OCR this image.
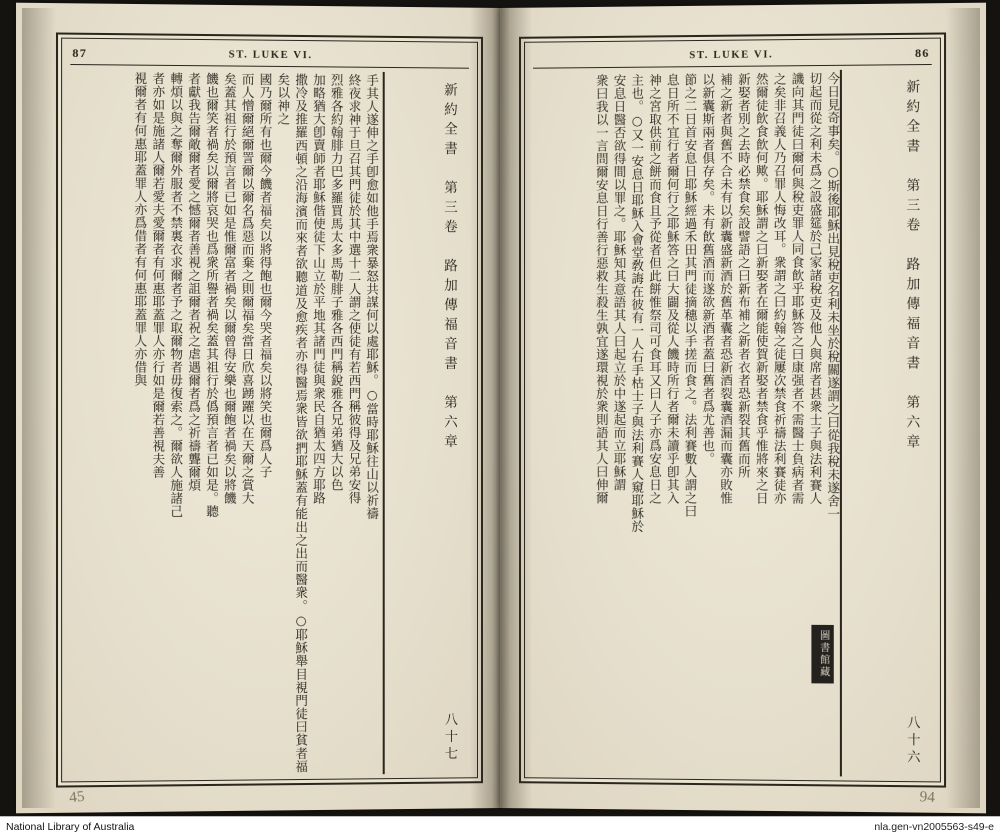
87	ST. LUKE VI.
新約全書　第三卷　路加傳福音書　第六章
八十七
手其人遂伸之手卽愈如他手焉衆暴怒共謀何以處耶穌。○當時耶穌往山以祈禱
終夜求神于旦召其門徒於其中選十二人謂之使徒有若西門稱彼得及兄弟安得
烈雅各約翰腓力巴多羅買馬太多馬勒腓子雅各西門稱銳雅各兄弟猶大以色
加略猶大卽賣師者耶穌偕使徒下山立於平地其諸門徒與衆民自猶太四方耶路
撒冷及推羅西頓之沿海濱而來者欲聽道及愈疾者亦得醫焉衆皆欲捫耶穌蓋有能出之出而醫衆。○耶穌舉目視門徒曰貧者福矣以神之
國乃爾所有也爾今饑者福矣以將得飽也爾今哭者福矣以將笑也爾爲人子
而人憎爾絕爾詈爾以爾名爲惡而棄之則爾福矣當日欣喜踴躍以在天爾之賞大
矣蓋其祖行於預言者已如是惟爾富者禍矣以爾曾得安樂也爾飽者禍矣以將饑
饑也爾笑者禍矣以爾將哀哭也爲衆所譽者禍矣蓋其祖行於僞預言者已如是。聽
者獻我告爾敵爾者愛之憾爾者善視之詛爾者祝之虐遇爾者爲之祈禱聾爾煩
轉煩以與之奪爾外服者不禁裏衣求爾者予之取爾物者毋復索之。爾欲人施諸己
者亦如是施諸人爾若愛夫愛爾者有何惠耶蓋罪人亦行如是爾若善視夫善
視爾者有何惠耶蓋罪人亦爲借者有何惠耶蓋罪人亦借與
45
ST. LUKE VI.	86
新約全書　第三卷　路加傳福音書　第六章
八十六
今日見奇事矣。○斯後耶穌出見稅吏名利未坐於稅關遂謂之曰從我稅未遂舍一
切起而從之利未爲之設盛筵於己家諸稅吏及他人與席者甚衆士子與法利賽人
譏向其門徒曰爾何與稅吏罪人同食飮乎耶穌答之曰康强者不需醫士負病者需
之矣非召義人乃召罪人悔改耳。衆謂之曰約翰之徒屢次禁食祈禱法利賽徒亦
然爾徒飮食飮何歟。耶穌謂之曰新娶者在爾能使賀新娶者禁食乎惟將來之日
新娶者別之去時必禁食矣設譬語之曰新布補之新者衣者恐新裂其舊而所
補之新者與舊不合未有以新囊盛新酒於舊革囊者恐新酒裂囊酒漏而囊亦敗惟
以新囊斯兩者俱存矣。未有飮舊酒而遂欲新酒者蓋曰舊者爲尤善也。
節之二日首安息日耶穌經過禾田其門徒摘穗以手搓而食之。法利賽數人謂之曰
息日所不宜行者爾何行之耶穌答之曰大闢及從人饑時所行者爾未讀乎卽其入
神之宮取供前之餅而食且予從者但此餅惟祭司可食耳又曰人子亦爲安息日之
主也。○又一安息日耶穌入會堂敎誨在彼有一人右手枯士子與法利賽人窺耶穌於
安息日醫否欲得間以罪之。耶穌知其意語其人曰起立於中遂起而立耶穌謂
衆曰我以一言問爾安息日行善行惡救生殺生孰宜遂環視於衆則語其人曰伸爾
圖書館藏
94
National Library of Australia	nla.gen-vn2005563-s49-e
